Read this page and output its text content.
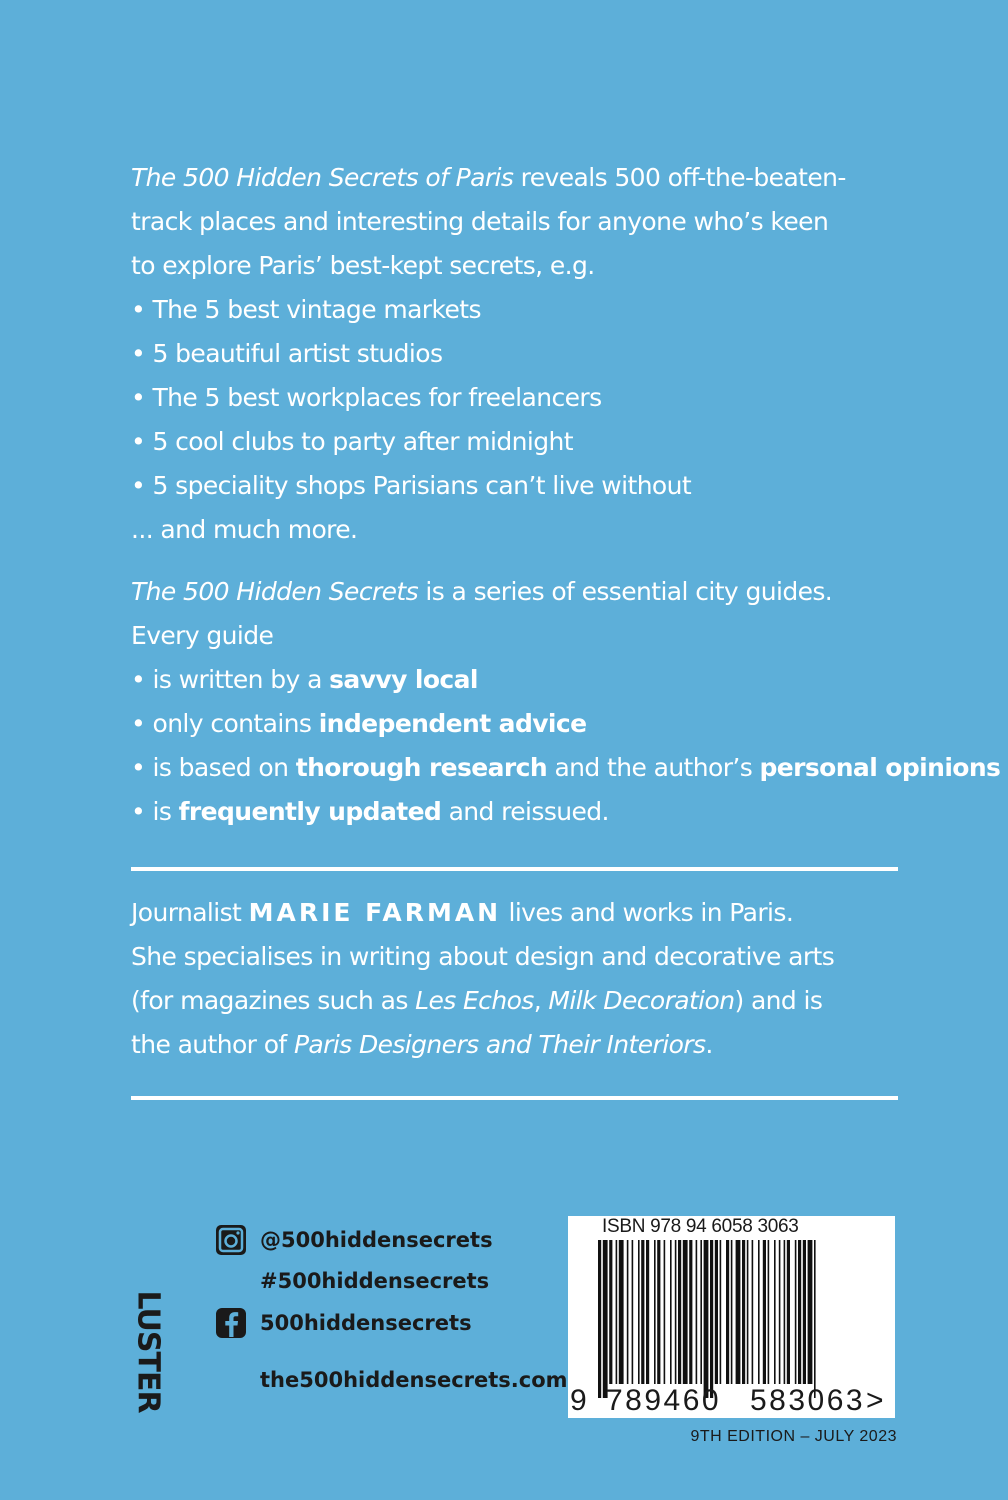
The 500 Hidden Secrets of Paris reveals 500 off-the-beaten-
track places and interesting details for anyone who’s keen
to explore Paris’ best-kept secrets, e.g.
• The 5 best vintage markets
• 5 beautiful artist studios
• The 5 best workplaces for freelancers
• 5 cool clubs to party after midnight
• 5 speciality shops Parisians can’t live without
... and much more.
The 500 Hidden Secrets is a series of essential city guides.
Every guide
• is written by a savvy local
• only contains independent advice
• is based on thorough research and the author’s personal opinions
• is frequently updated and reissued.
Journalist MARIE FARMAN lives and works in Paris.
She specialises in writing about design and decorative arts
(for magazines such as Les Echos, Milk Decoration) and is
the author of Paris Designers and Their Interiors.
LUSTER
@500hiddensecrets
#500hiddensecrets
500hiddensecrets
the500hiddensecrets.com
ISBN 978 94 6058 3063
9 789460 583063 >
9TH EDITION – JULY 2023
